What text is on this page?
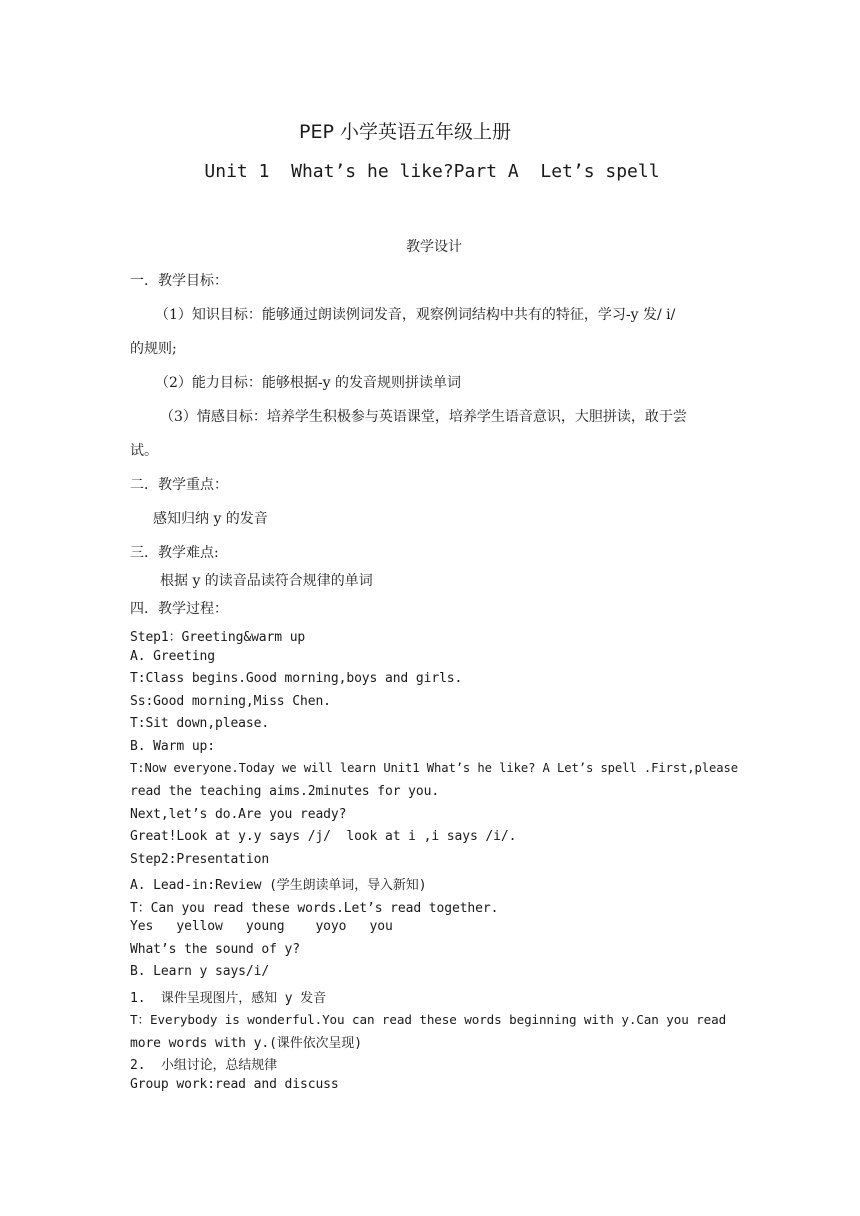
PEP 小学英语五年级上册
Unit 1  What’s he like?Part A  Let’s spell
教学设计
一．教学目标：
（1）知识目标：能够通过朗读例词发音，观察例词结构中共有的特征，学习-y 发/ i/
的规则;
（2）能力目标：能够根据-y 的发音规则拼读单词
（3）情感目标：培养学生积极参与英语课堂，培养学生语音意识，大胆拼读，敢于尝
试。
二．教学重点：
感知归纳 y 的发音
三．教学难点:
根据 y 的读音品读符合规律的单词
四．教学过程：
Step1：Greeting&warm up
A. Greeting
T:Class begins.Good morning,boys and girls.
Ss:Good morning,Miss Chen.
T:Sit down,please.
B. Warm up:
T:Now everyone.Today we will learn Unit1 What’s he like? A Let’s spell .First,please
read the teaching aims.2minutes for you.
Next,let’s do.Are you ready?
Great!Look at y.y says /j/  look at i ,i says /i/.
Step2:Presentation
A. Lead-in:Review (学生朗读单词，导入新知)
T：Can you read these words.Let’s read together.
Yes   yellow   young    yoyo   you
What’s the sound of y?
B. Learn y says/i/
1.  课件呈现图片，感知 y 发音
T：Everybody is wonderful.You can read these words beginning with y.Can you read
more words with y.(课件依次呈现)
2.  小组讨论，总结规律
Group work:read and discuss
